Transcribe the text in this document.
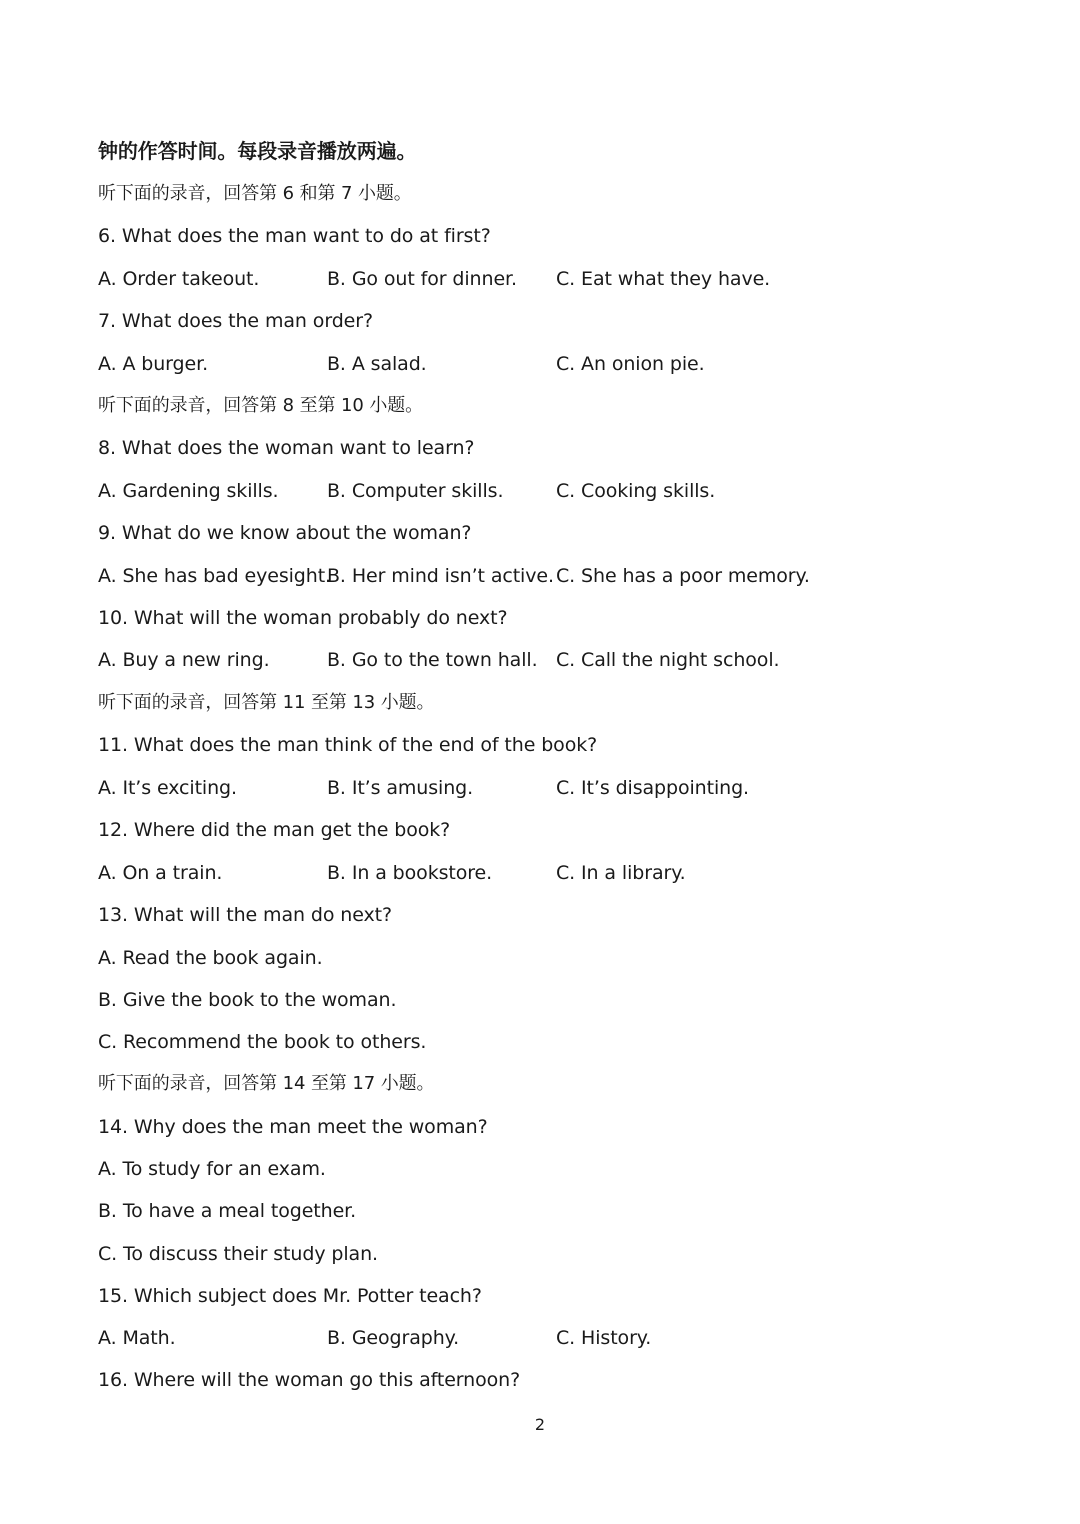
钟的作答时间。每段录音播放两遍。
听下面的录音，回答第 6 和第 7 小题。
6. What does the man want to do at first?
A. Order takeout.	B. Go out for dinner. C. Eat what they have.
7. What does the man order?
A. A burger.	B. A salad.	C. An onion pie.
听下面的录音，回答第 8 至第 10 小题。
8. What does the woman want to learn?
A. Gardening skills.	B. Computer skills.	C. Cooking skills.
9. What do we know about the woman?
A. She has bad eyesight.
B. Her mind isn’t active. C. She has a poor memory.
10. What will the woman probably do next?
A. Buy a new ring.	B. Go to the town hall. C. Call the night school.
听下面的录音，回答第 11 至第 13 小题。
11. What does the man think of the end of the book?
A. It’s exciting.	B. It’s amusing.	C. It’s disappointing.
12. Where did the man get the book?
A. On a train.	B. In a bookstore.	C. In a library.
13. What will the man do next?
A. Read the book again.
B. Give the book to the woman.
C. Recommend the book to others.
听下面的录音，回答第 14 至第 17 小题。
14. Why does the man meet the woman?
A. To study for an exam.
B. To have a meal together.
C. To discuss their study plan.
15. Which subject does Mr. Potter teach?
A. Math.	B. Geography.	C. History.
16. Where will the woman go this afternoon?
2
